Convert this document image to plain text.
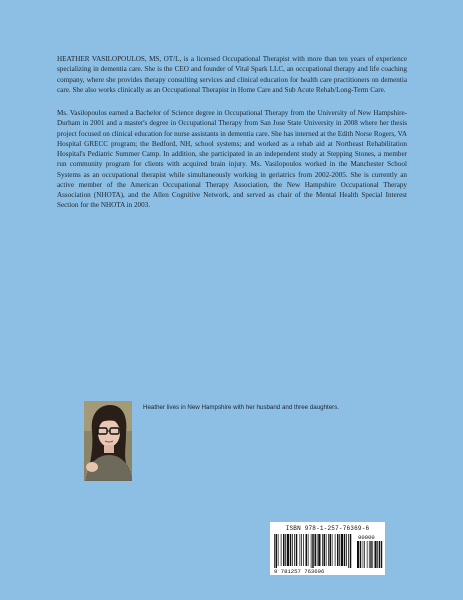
HEATHER VASILOPOULOS, MS, OT/L, is a licensed Occupational Therapist with more than ten years of experience specializing in dementia care. She is the CEO and founder of Vital Spark LLC, an occupational therapy and life coaching company, where she provides therapy consulting services and clinical education for health care practitioners on dementia care. She also works clinically as an Occupational Therapist in Home Care and Sub Acute Rehab/Long-Term Care.

Ms. Vasilopoulos earned a Bachelor of Science degree in Occupational Therapy from the University of New Hampshire-Durham in 2001 and a master's degree in Occupational Therapy from San Jose State University in 2008 where her thesis project focused on clinical education for nurse assistants in dementia care. She has interned at the Edith Norse Rogers, VA Hospital GRECC program; the Bedford, NH, school systems; and worked as a rehab aid at Northeast Rehabilitation Hospital's Pediatric Summer Camp. In addition, she participated in an independent study at Stepping Stones, a member run community program for clients with acquired brain injury. Ms. Vasilopoulos worked in the Manchester School Systems as an occupational therapist while simultaneously working in geriatrics from 2002-2005. She is currently an active member of the American Occupational Therapy Association, the New Hampshire Occupational Therapy Association (NHOTA), and the Allen Cognitive Network, and served as chair of the Mental Health Special Interest Section for the NHOTA in 2003.

Heather lives in New Hampshire with her husband and three daughters.
ISBN 978-1-257-76369-6
9 781257 763696
90000
